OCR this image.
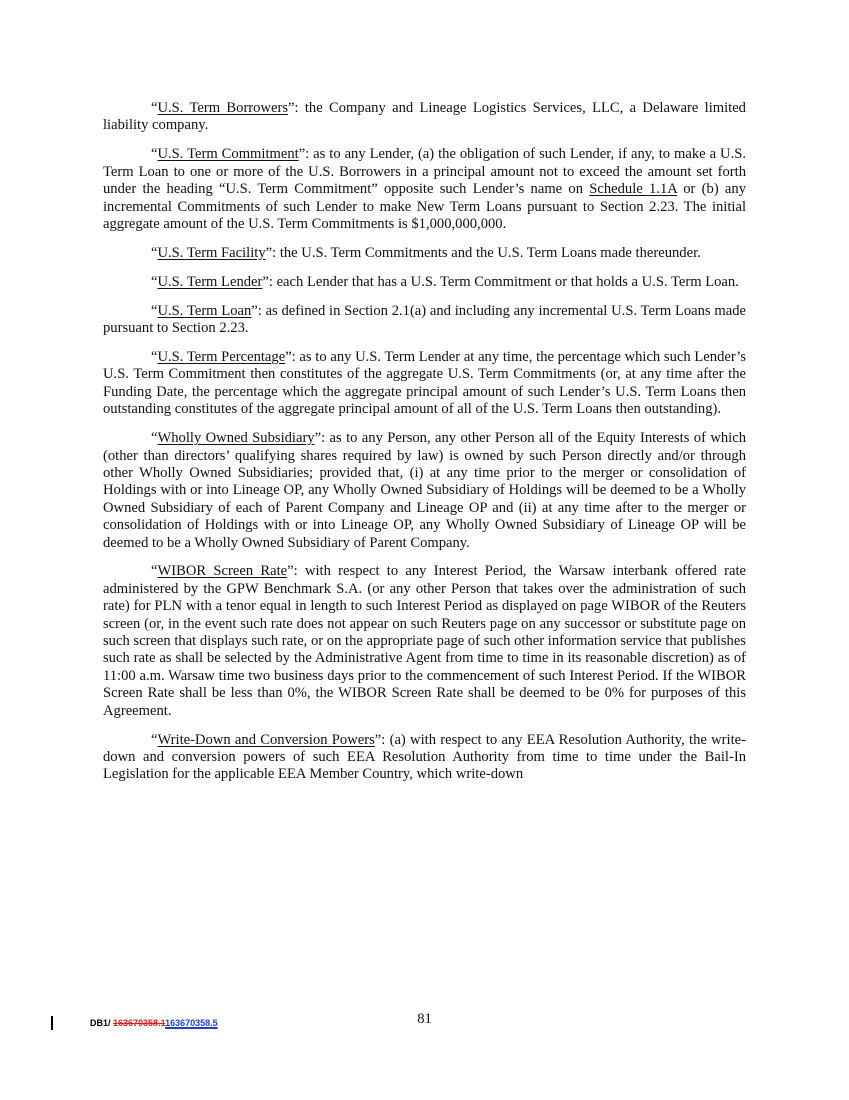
“U.S. Term Borrowers”: the Company and Lineage Logistics Services, LLC, a Delaware limited liability company.

“U.S. Term Commitment”: as to any Lender, (a) the obligation of such Lender, if any, to make a U.S. Term Loan to one or more of the U.S. Borrowers in a principal amount not to exceed the amount set forth under the heading “U.S. Term Commitment” opposite such Lender’s name on Schedule 1.1A or (b) any incremental Commitments of such Lender to make New Term Loans pursuant to Section 2.23. The initial aggregate amount of the U.S. Term Commitments is $1,000,000,000.

“U.S. Term Facility”: the U.S. Term Commitments and the U.S. Term Loans made thereunder.

“U.S. Term Lender”: each Lender that has a U.S. Term Commitment or that holds a U.S. Term Loan.

“U.S. Term Loan”: as defined in Section 2.1(a) and including any incremental U.S. Term Loans made pursuant to Section 2.23.

“U.S. Term Percentage”: as to any U.S. Term Lender at any time, the percentage which such Lender’s U.S. Term Commitment then constitutes of the aggregate U.S. Term Commitments (or, at any time after the Funding Date, the percentage which the aggregate principal amount of such Lender’s U.S. Term Loans then outstanding constitutes of the aggregate principal amount of all of the U.S. Term Loans then outstanding).

“Wholly Owned Subsidiary”: as to any Person, any other Person all of the Equity Interests of which (other than directors’ qualifying shares required by law) is owned by such Person directly and/or through other Wholly Owned Subsidiaries; provided that, (i) at any time prior to the merger or consolidation of Holdings with or into Lineage OP, any Wholly Owned Subsidiary of Holdings will be deemed to be a Wholly Owned Subsidiary of each of Parent Company and Lineage OP and (ii) at any time after to the merger or consolidation of Holdings with or into Lineage OP, any Wholly Owned Subsidiary of Lineage OP will be deemed to be a Wholly Owned Subsidiary of Parent Company.

“WIBOR Screen Rate”: with respect to any Interest Period, the Warsaw interbank offered rate administered by the GPW Benchmark S.A. (or any other Person that takes over the administration of such rate) for PLN with a tenor equal in length to such Interest Period as displayed on page WIBOR of the Reuters screen (or, in the event such rate does not appear on such Reuters page on any successor or substitute page on such screen that displays such rate, or on the appropriate page of such other information service that publishes such rate as shall be selected by the Administrative Agent from time to time in its reasonable discretion) as of 11:00 a.m. Warsaw time two business days prior to the commencement of such Interest Period. If the WIBOR Screen Rate shall be less than 0%, the WIBOR Screen Rate shall be deemed to be 0% for purposes of this Agreement.

“Write-Down and Conversion Powers”: (a) with respect to any EEA Resolution Authority, the write-down and conversion powers of such EEA Resolution Authority from time to time under the Bail-In Legislation for the applicable EEA Member Country, which write-down

DB1/ 163670358.1163670358.5	81
